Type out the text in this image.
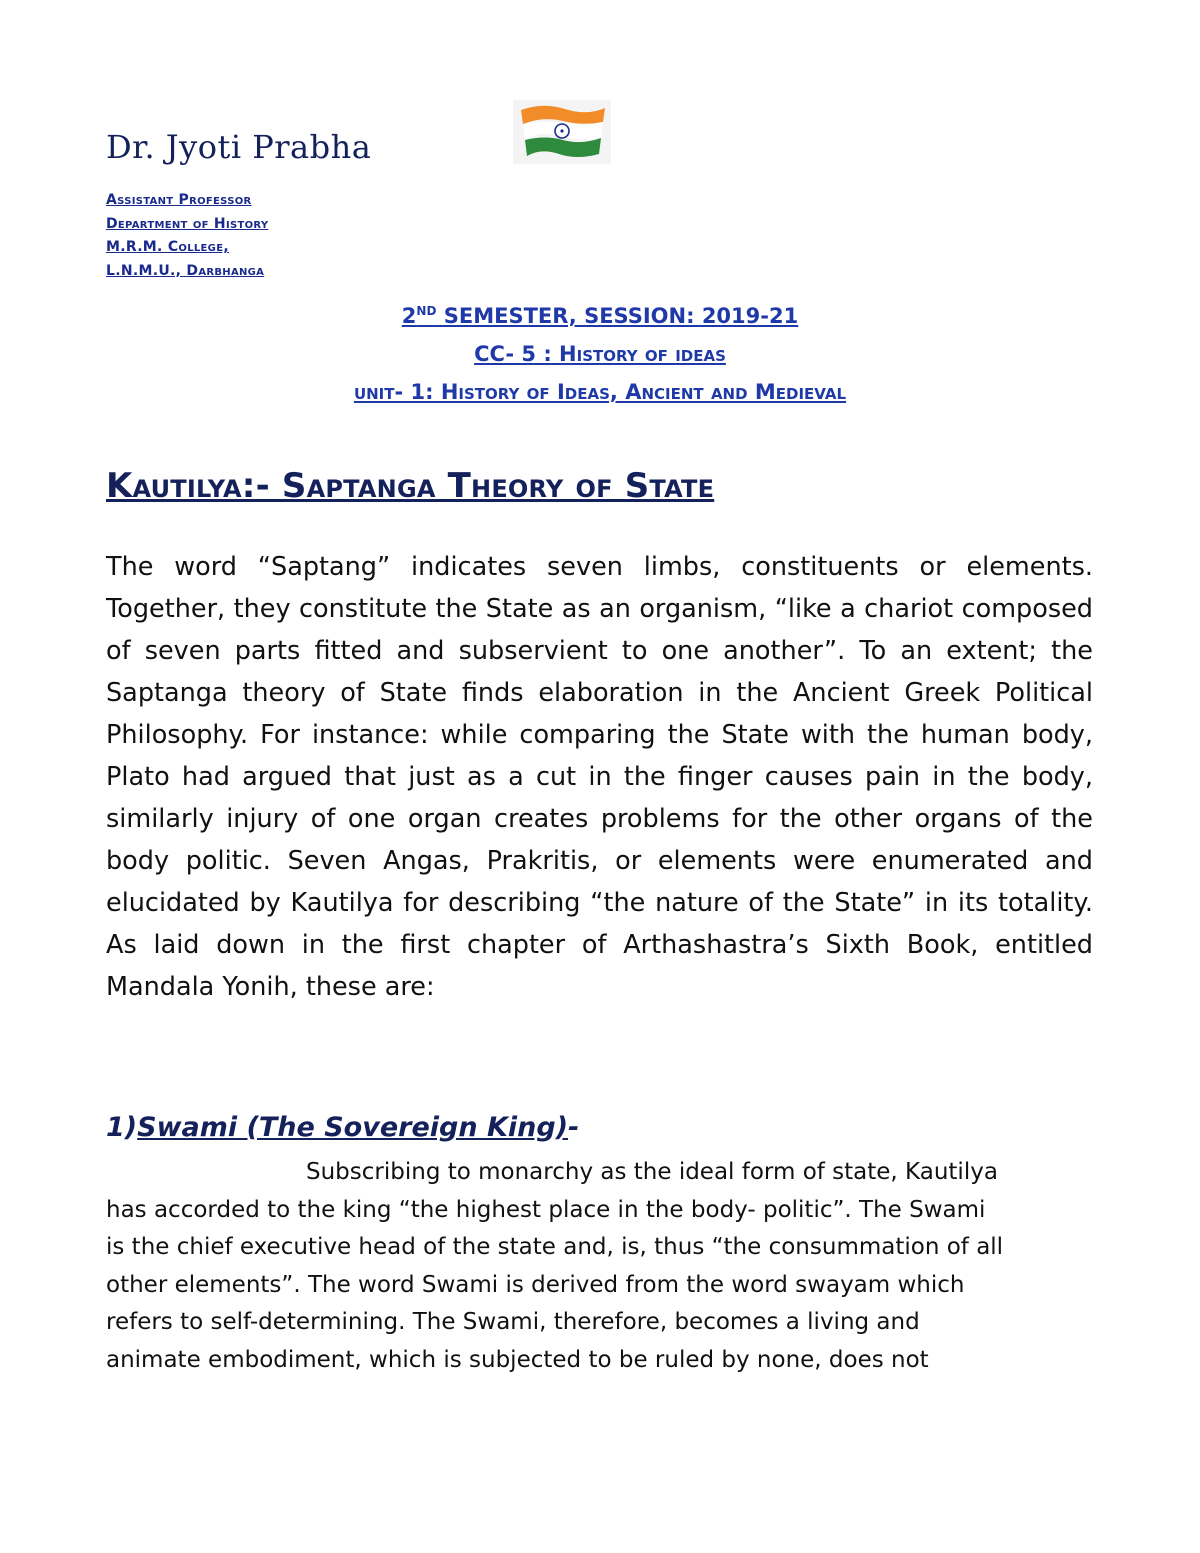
Dr. Jyoti Prabha
Assistant Professor
Department of History
M.R.M. College,
L.N.M.U., Darbhanga
2ND SEMESTER, SESSION: 2019-21
CC- 5 : History of ideas
unit- 1: History of Ideas, Ancient and Medieval
Kautilya:- Saptanga Theory of State

The word “Saptang” indicates seven limbs, constituents or elements. Together, they constitute the State as an organism, “like a chariot composed of seven parts fitted and subservient to one another”. To an extent; the Saptanga theory of State finds elaboration in the Ancient Greek Political Philosophy. For instance: while comparing the State with the human body, Plato had argued that just as a cut in the finger causes pain in the body, similarly injury of one organ creates problems for the other organs of the body politic. Seven Angas, Prakritis, or elements were enumerated and elucidated by Kautilya for describing “the nature of the State” in its totality. As laid down in the first chapter of Arthashastra’s Sixth Book, entitled Mandala Yonih, these are:

1)Swami (The Sovereign King)-

Subscribing to monarchy as the ideal form of state, Kautilya
has accorded to the king “the highest place in the body- politic”. The Swami
is the chief executive head of the state and, is, thus “the consummation of all
other elements”. The word Swami is derived from the word swayam which
refers to self-determining. The Swami, therefore, becomes a living and
animate embodiment, which is subjected to be ruled by none, does not
